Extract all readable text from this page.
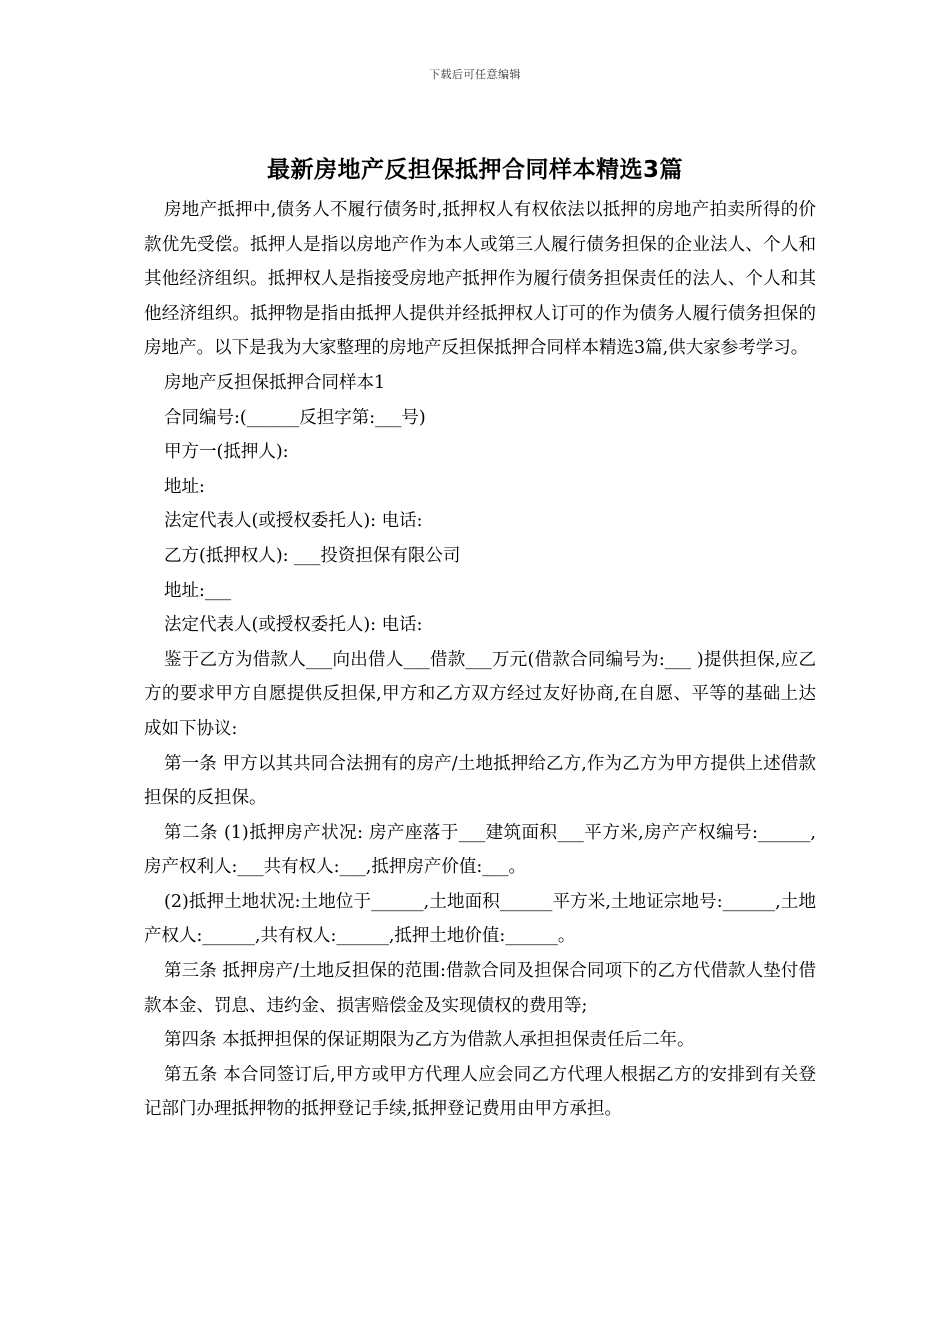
下载后可任意编辑
最新房地产反担保抵押合同样本精选3篇

房地产抵押中,债务人不履行债务时,抵押权人有权依法以抵押的房地产拍卖所得的价款优先受偿。抵押人是指以房地产作为本人或第三人履行债务担保的企业法人、个人和其他经济组织。抵押权人是指接受房地产抵押作为履行债务担保责任的法人、个人和其他经济组织。抵押物是指由抵押人提供并经抵押权人订可的作为债务人履行债务担保的房地产。以下是我为大家整理的房地产反担保抵押合同样本精选3篇,供大家参考学习。

房地产反担保抵押合同样本1

合同编号:(______反担字第:___号)

甲方一(抵押人):

地址:

法定代表人(或授权委托人): 电话:

乙方(抵押权人): ___投资担保有限公司

地址:___

法定代表人(或授权委托人): 电话:

鉴于乙方为借款人___向出借人___借款___万元(借款合同编号为:___ )提供担保,应乙方的要求甲方自愿提供反担保,甲方和乙方双方经过友好协商,在自愿、平等的基础上达成如下协议:

第一条 甲方以其共同合法拥有的房产/土地抵押给乙方,作为乙方为甲方提供上述借款担保的反担保。

第二条 (1)抵押房产状况: 房产座落于___建筑面积___平方米,房产产权编号:______,房产权利人:___共有权人:___,抵押房产价值:___。

(2)抵押土地状况:土地位于______,土地面积______平方米,土地证宗地号:______,土地产权人:______,共有权人:______,抵押土地价值:______。

第三条 抵押房产/土地反担保的范围:借款合同及担保合同项下的乙方代借款人垫付借款本金、罚息、违约金、损害赔偿金及实现债权的费用等;

第四条 本抵押担保的保证期限为乙方为借款人承担担保责任后二年。

第五条 本合同签订后,甲方或甲方代理人应会同乙方代理人根据乙方的安排到有关登记部门办理抵押物的抵押登记手续,抵押登记费用由甲方承担。
